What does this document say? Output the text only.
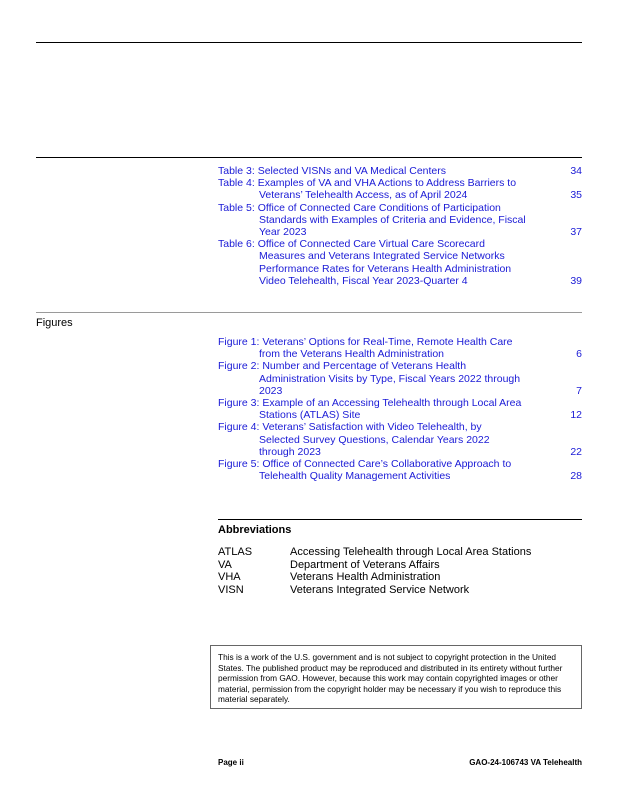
Table 3: Selected VISNs and VA Medical Centers	34
Table 4: Examples of VA and VHA Actions to Address Barriers to
Veterans’ Telehealth Access, as of April 2024	35
Table 5: Office of Connected Care Conditions of Participation
Standards with Examples of Criteria and Evidence, Fiscal
Year 2023	37
Table 6: Office of Connected Care Virtual Care Scorecard
Measures and Veterans Integrated Service Networks
Performance Rates for Veterans Health Administration
Video Telehealth, Fiscal Year 2023-Quarter 4	39
Figures
Figure 1: Veterans’ Options for Real-Time, Remote Health Care
from the Veterans Health Administration	6
Figure 2: Number and Percentage of Veterans Health
Administration Visits by Type, Fiscal Years 2022 through
2023	7
Figure 3: Example of an Accessing Telehealth through Local Area
Stations (ATLAS) Site	12
Figure 4: Veterans’ Satisfaction with Video Telehealth, by
Selected Survey Questions, Calendar Years 2022
through 2023	22
Figure 5: Office of Connected Care’s Collaborative Approach to
Telehealth Quality Management Activities	28
Abbreviations
ATLAS	Accessing Telehealth through Local Area Stations
VA	Department of Veterans Affairs
VHA	Veterans Health Administration
VISN	Veterans Integrated Service Network
This is a work of the U.S. government and is not subject to copyright protection in the United States. The published product may be reproduced and distributed in its entirety without further permission from GAO. However, because this work may contain copyrighted images or other material, permission from the copyright holder may be necessary if you wish to reproduce this material separately.
Page ii	GAO-24-106743 VA Telehealth
